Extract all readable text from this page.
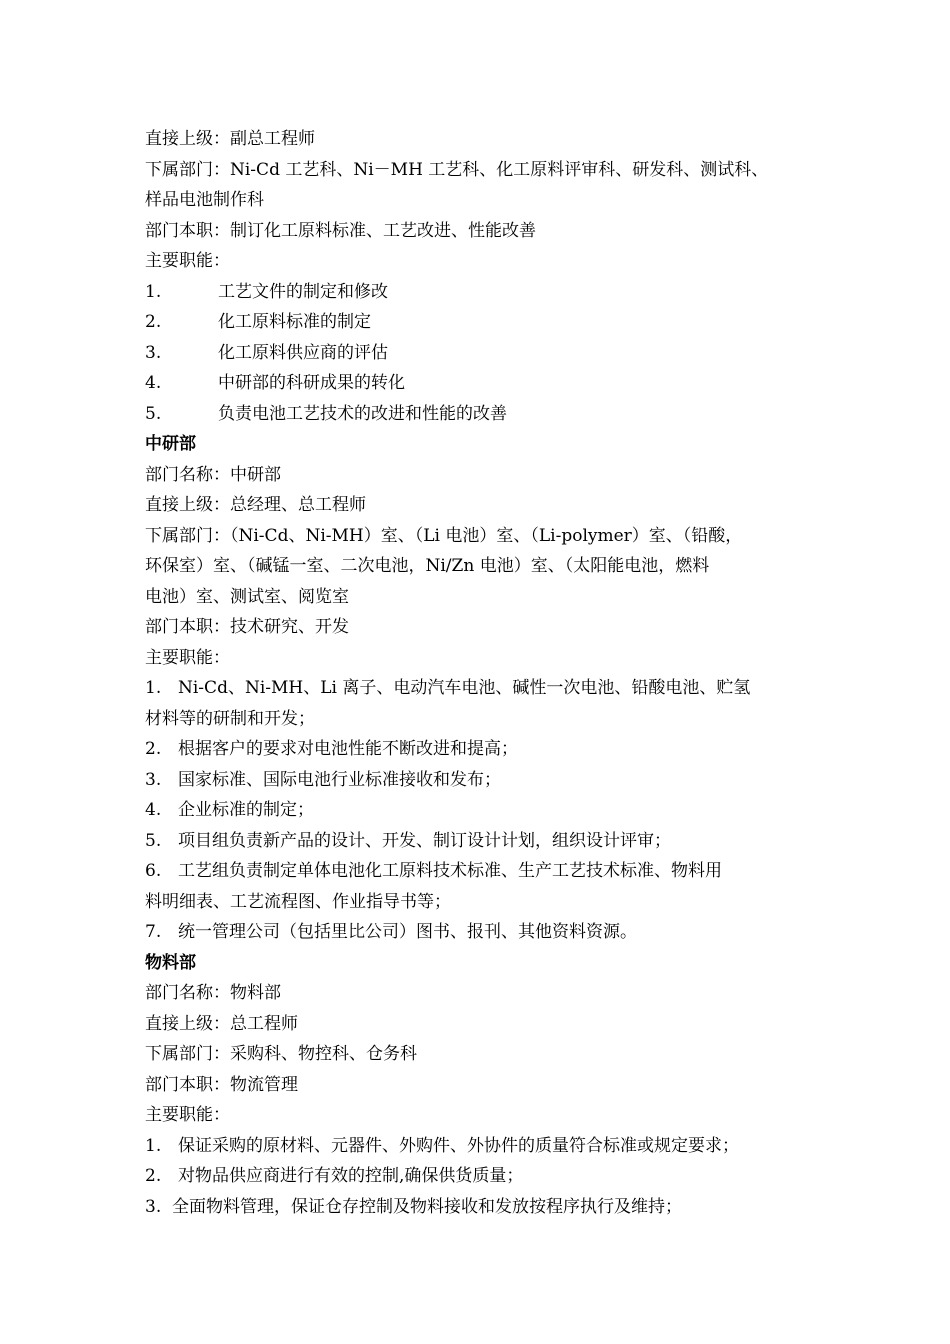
直接上级：副总工程师
下属部门：Ni-Cd 工艺科、Ni－MH 工艺科、化工原料评审科、研发科、测试科、
样品电池制作科
部门本职：制订化工原料标准、工艺改进、性能改善
主要职能：
1.	工艺文件的制定和修改
2.	化工原料标准的制定
3.	化工原料供应商的评估
4.	中研部的科研成果的转化
5.	负责电池工艺技术的改进和性能的改善
中研部
部门名称：中研部
直接上级：总经理、总工程师
下属部门：（Ni-Cd、Ni-MH）室、（Li 电池）室、（Li-polymer）室、（铅酸，
环保室）室、（碱锰一室、二次电池，Ni/Zn 电池）室、（太阳能电池，燃料
电池）室、测试室、阅览室
部门本职：技术研究、开发
主要职能：
1. Ni-Cd、Ni-MH、Li 离子、电动汽车电池、碱性一次电池、铅酸电池、贮氢
材料等的研制和开发；
2. 根据客户的要求对电池性能不断改进和提高；
3. 国家标准、国际电池行业标准接收和发布；
4. 企业标准的制定；
5. 项目组负责新产品的设计、开发、制订设计计划，组织设计评审；
6. 工艺组负责制定单体电池化工原料技术标准、生产工艺技术标准、物料用
料明细表、工艺流程图、作业指导书等；
7. 统一管理公司（包括里比公司）图书、报刊、其他资料资源。
物料部
部门名称：物料部
直接上级：总工程师
下属部门：采购科、物控科、仓务科
部门本职：物流管理
主要职能：
1. 保证采购的原材料、元器件、外购件、外协件的质量符合标准或规定要求；
2. 对物品供应商进行有效的控制,确保供货质量；
3. 全面物料管理，保证仓存控制及物料接收和发放按程序执行及维持；
